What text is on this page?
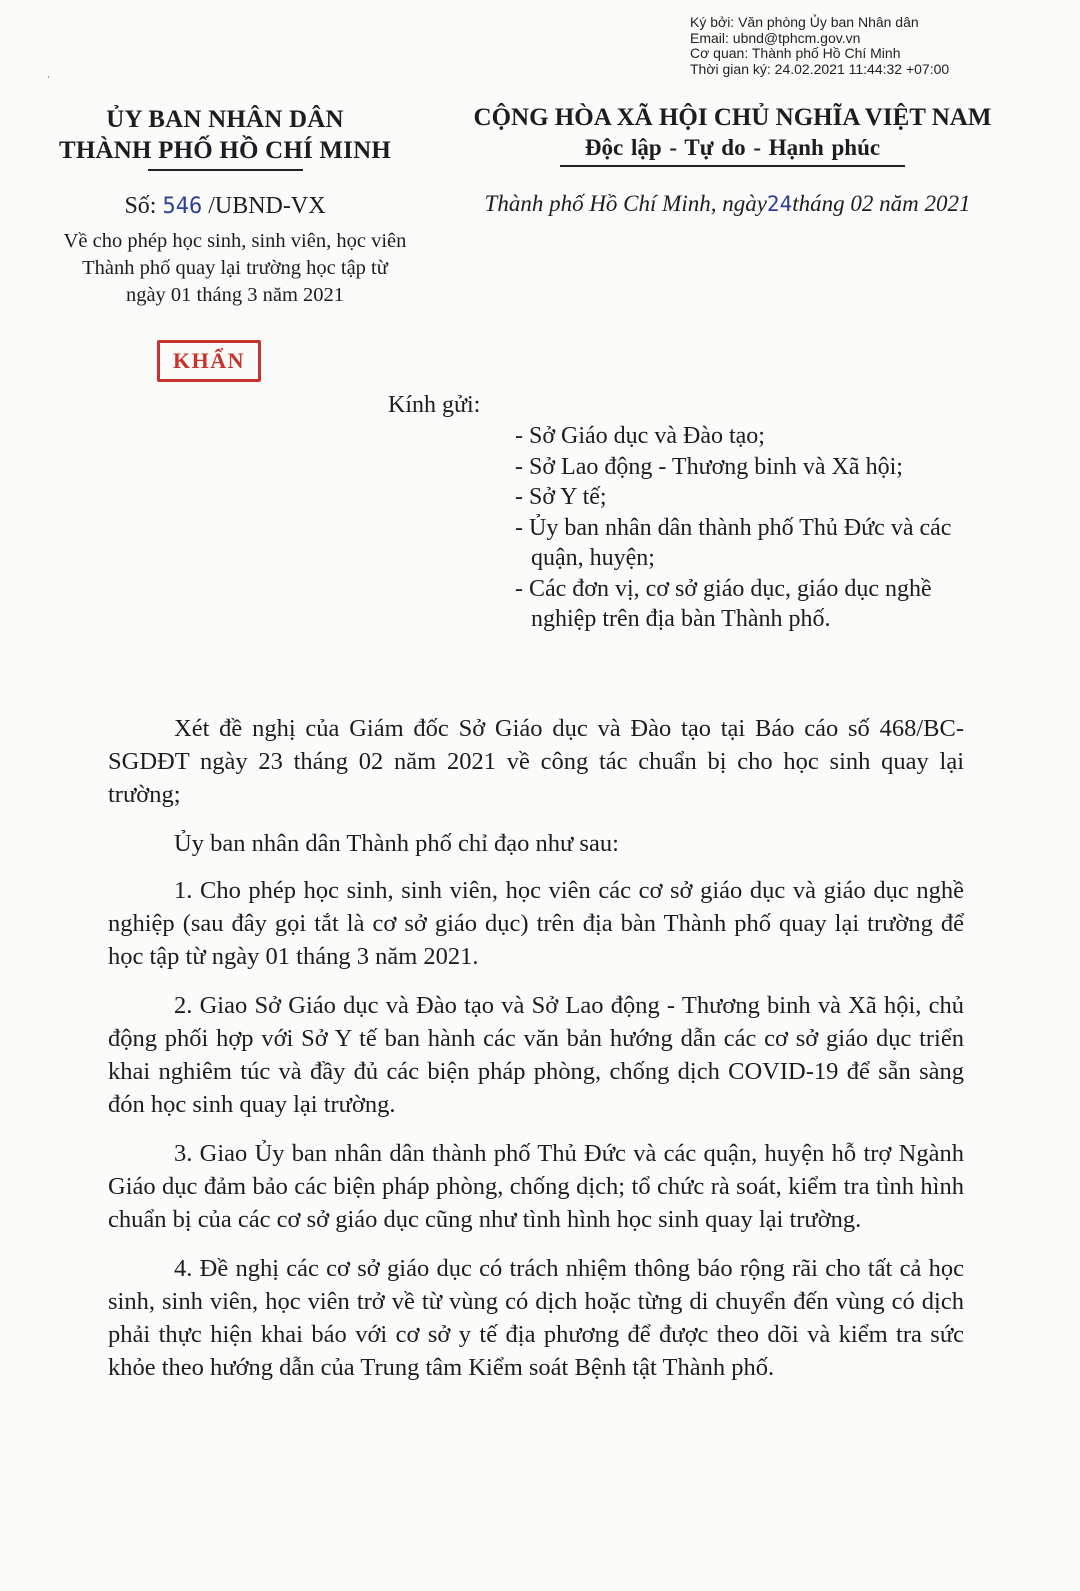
Ký bởi: Văn phòng Ủy ban Nhân dân
Email: ubnd@tphcm.gov.vn
Cơ quan: Thành phố Hồ Chí Minh
Thời gian ký: 24.02.2021 11:44:32 +07:00
ˌ
ỦY BAN NHÂN DÂN
THÀNH PHỐ HỒ CHÍ MINH
CỘNG HÒA XÃ HỘI CHỦ NGHĨA VIỆT NAM
Độc lập - Tự do - Hạnh phúc
Số: 546 /UBND-VX
Về cho phép học sinh, sinh viên, học viên Thành phố quay lại trường học tập từ ngày 01 tháng 3 năm 2021
Thành phố Hồ Chí Minh, ngày24tháng 02 năm 2021
KHẨN
Kính gửi:
- Sở Giáo dục và Đào tạo;
- Sở Lao động - Thương binh và Xã hội;
- Sở Y tế;
- Ủy ban nhân dân thành phố Thủ Đức và các quận, huyện;
- Các đơn vị, cơ sở giáo dục, giáo dục nghề nghiệp trên địa bàn Thành phố.

Xét đề nghị của Giám đốc Sở Giáo dục và Đào tạo tại Báo cáo số 468/BC-SGDĐT ngày 23 tháng 02 năm 2021 về công tác chuẩn bị cho học sinh quay lại trường;

Ủy ban nhân dân Thành phố chỉ đạo như sau:

1. Cho phép học sinh, sinh viên, học viên các cơ sở giáo dục và giáo dục nghề nghiệp (sau đây gọi tắt là cơ sở giáo dục) trên địa bàn Thành phố quay lại trường để học tập từ ngày 01 tháng 3 năm 2021.

2. Giao Sở Giáo dục và Đào tạo và Sở Lao động - Thương binh và Xã hội, chủ động phối hợp với Sở Y tế ban hành các văn bản hướng dẫn các cơ sở giáo dục triển khai nghiêm túc và đầy đủ các biện pháp phòng, chống dịch COVID-19 để sẵn sàng đón học sinh quay lại trường.

3. Giao Ủy ban nhân dân thành phố Thủ Đức và các quận, huyện hỗ trợ Ngành Giáo dục đảm bảo các biện pháp phòng, chống dịch; tổ chức rà soát, kiểm tra tình hình chuẩn bị của các cơ sở giáo dục cũng như tình hình học sinh quay lại trường.

4. Đề nghị các cơ sở giáo dục có trách nhiệm thông báo rộng rãi cho tất cả học sinh, sinh viên, học viên trở về từ vùng có dịch hoặc từng di chuyển đến vùng có dịch phải thực hiện khai báo với cơ sở y tế địa phương để được theo dõi và kiểm tra sức khỏe theo hướng dẫn của Trung tâm Kiểm soát Bệnh tật Thành phố.
